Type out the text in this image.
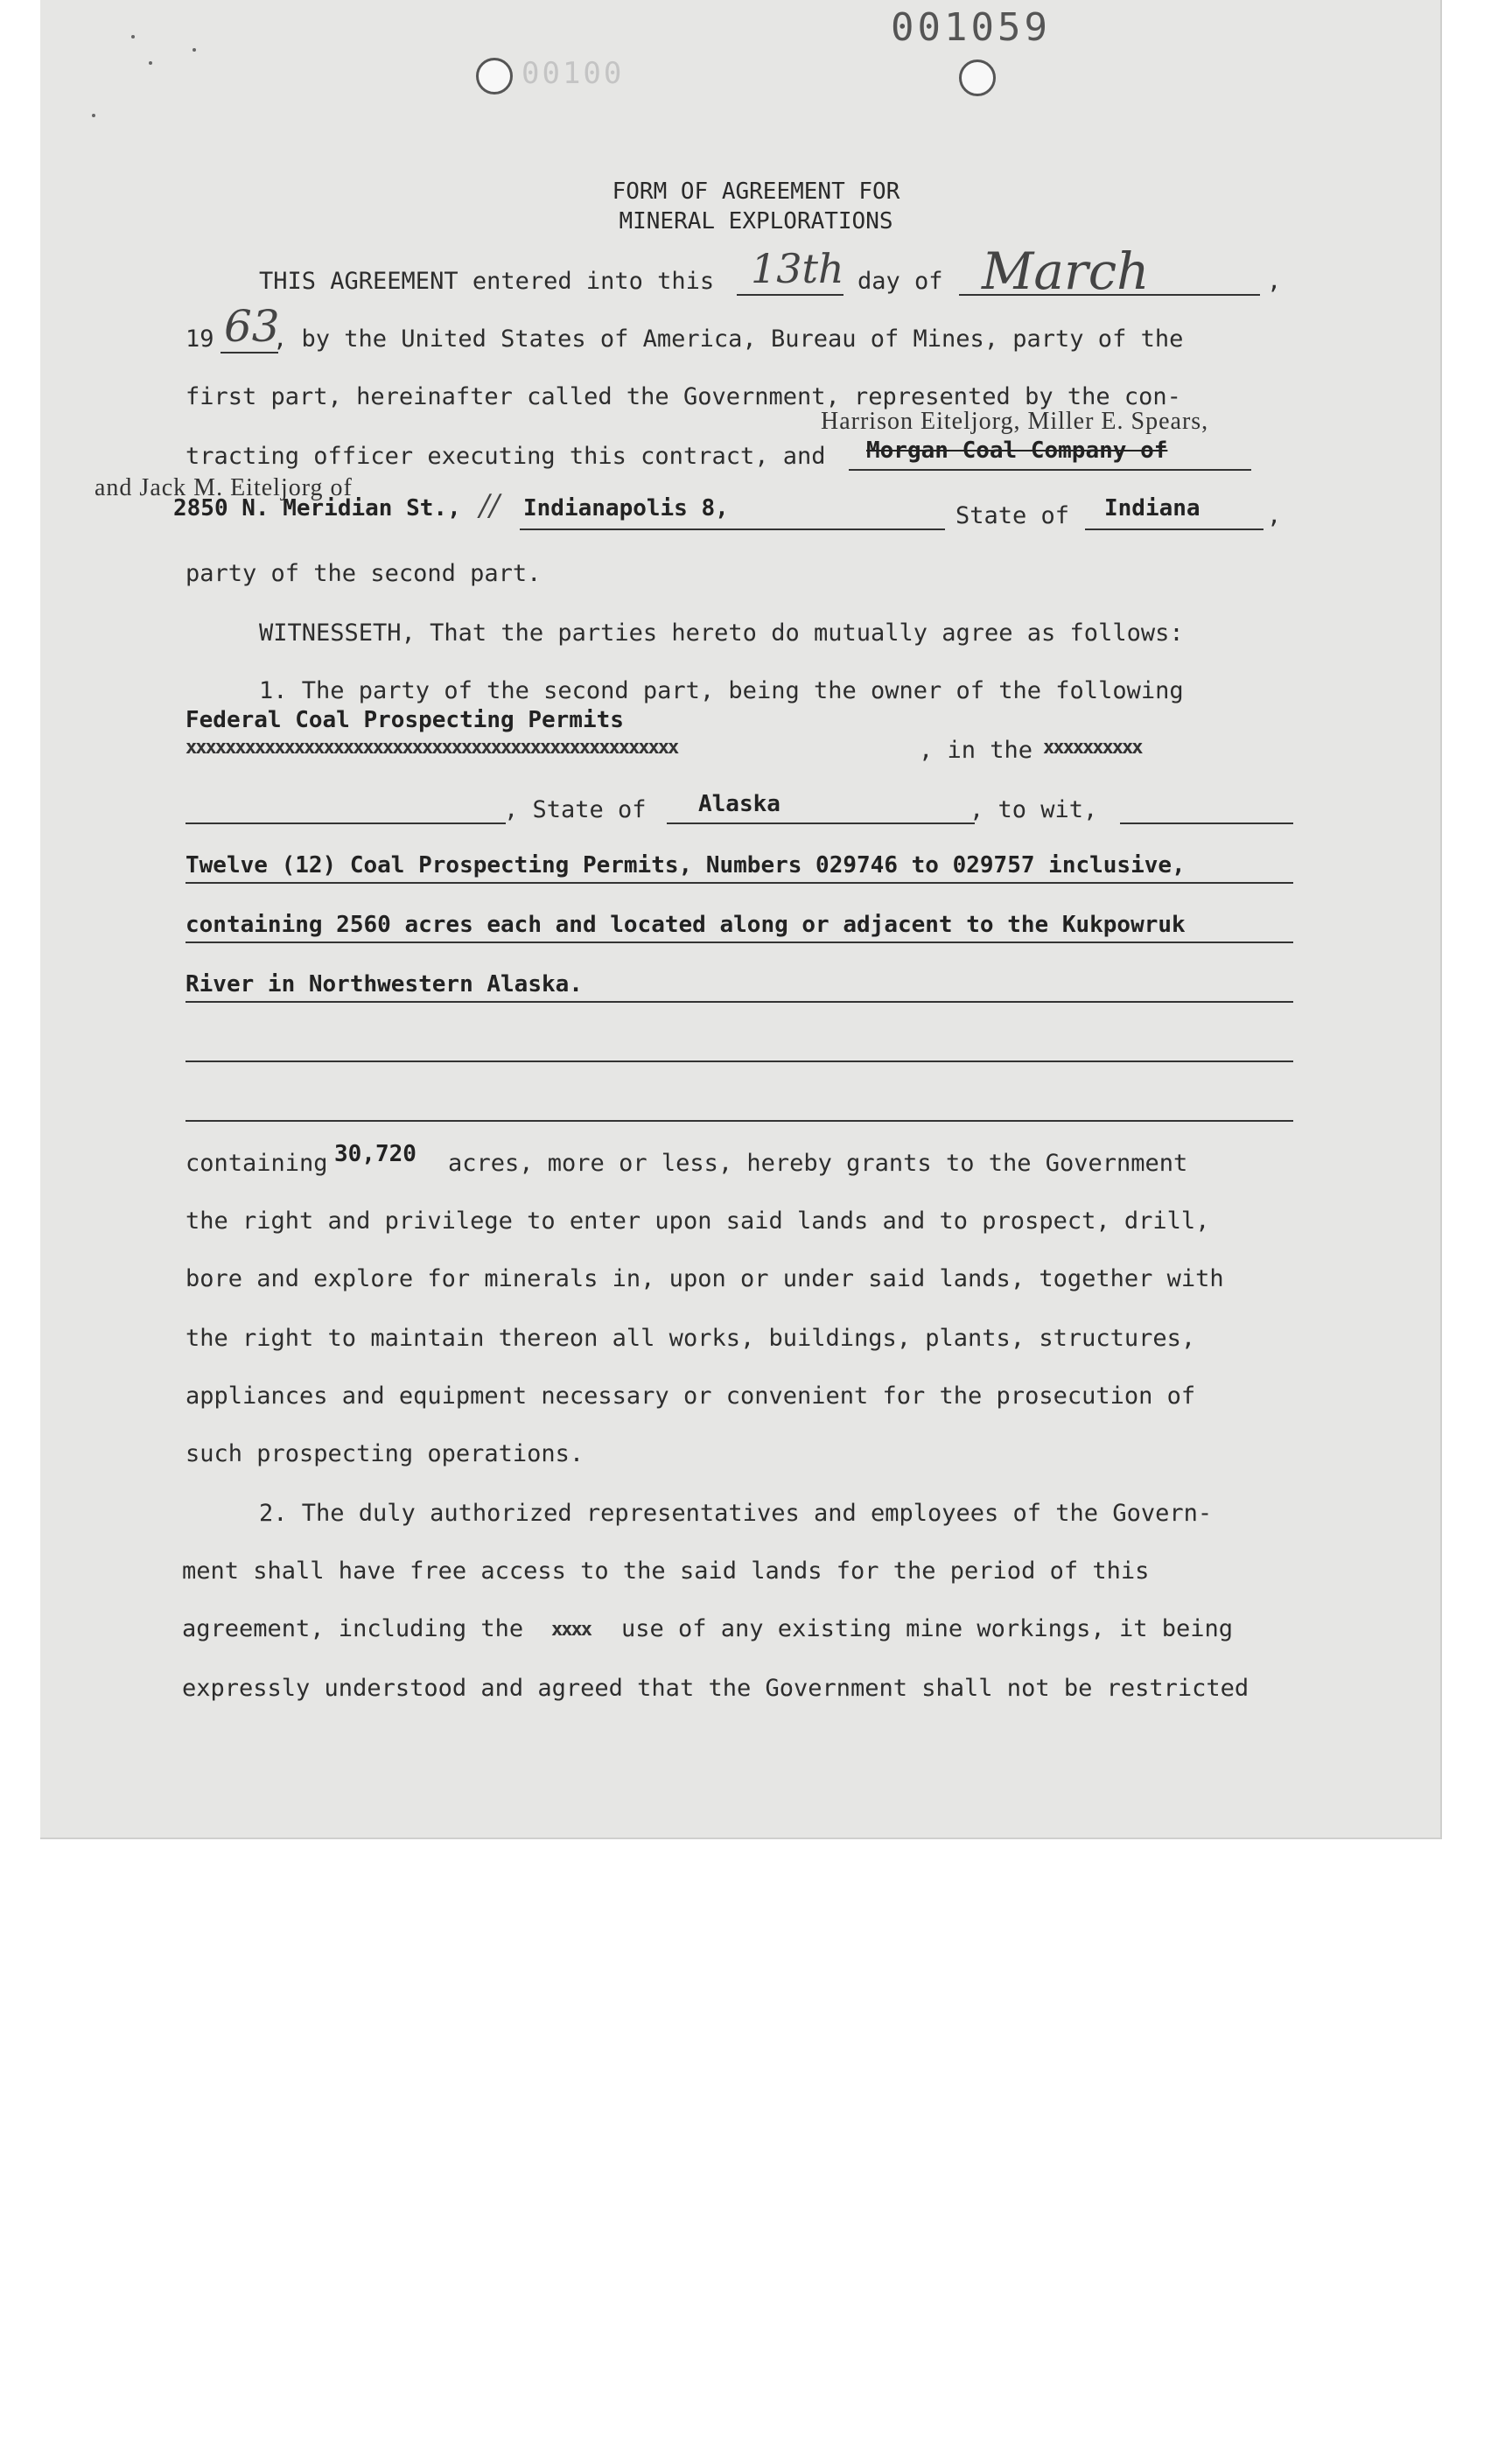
001059
00100
FORM OF AGREEMENT FOR
MINERAL EXPLORATIONS
THIS AGREEMENT entered into this 13th day of March	,
19 63
, by the United States of America, Bureau of Mines, party of the
first part, hereinafter called the Government, represented by the con-
Harrison Eiteljorg, Miller E. Spears,
tracting officer executing this contract, and Morgan Coal Company of
and Jack M. Eiteljorg of
2850 N. Meridian St., // Indianapolis 8,	State of Indiana	,
party of the second part.
WITNESSETH, That the parties hereto do mutually agree as follows:
1. The party of the second part, being the owner of the following
Federal Coal Prospecting Permits
xxxxxxxxxxxxxxxxxxxxxxxxxxxxxxxxxxxxxxxxxxxxxxxxxx	, in the xxxxxxxxxx
, State of Alaska	, to wit,
Twelve (12) Coal Prospecting Permits, Numbers 029746 to 029757 inclusive,
containing 2560 acres each and located along or adjacent to the Kukpowruk
River in Northwestern Alaska.
containing 30,720 acres, more or less, hereby grants to the Government
the right and privilege to enter upon said lands and to prospect, drill,
bore and explore for minerals in, upon or under said lands, together with
the right to maintain thereon all works, buildings, plants, structures,
appliances and equipment necessary or convenient for the prosecution of
such prospecting operations.
2. The duly authorized representatives and employees of the Govern-
ment shall have free access to the said lands for the period of this
agreement, including the xxxx	use of any existing mine workings, it being
expressly understood and agreed that the Government shall not be restricted
